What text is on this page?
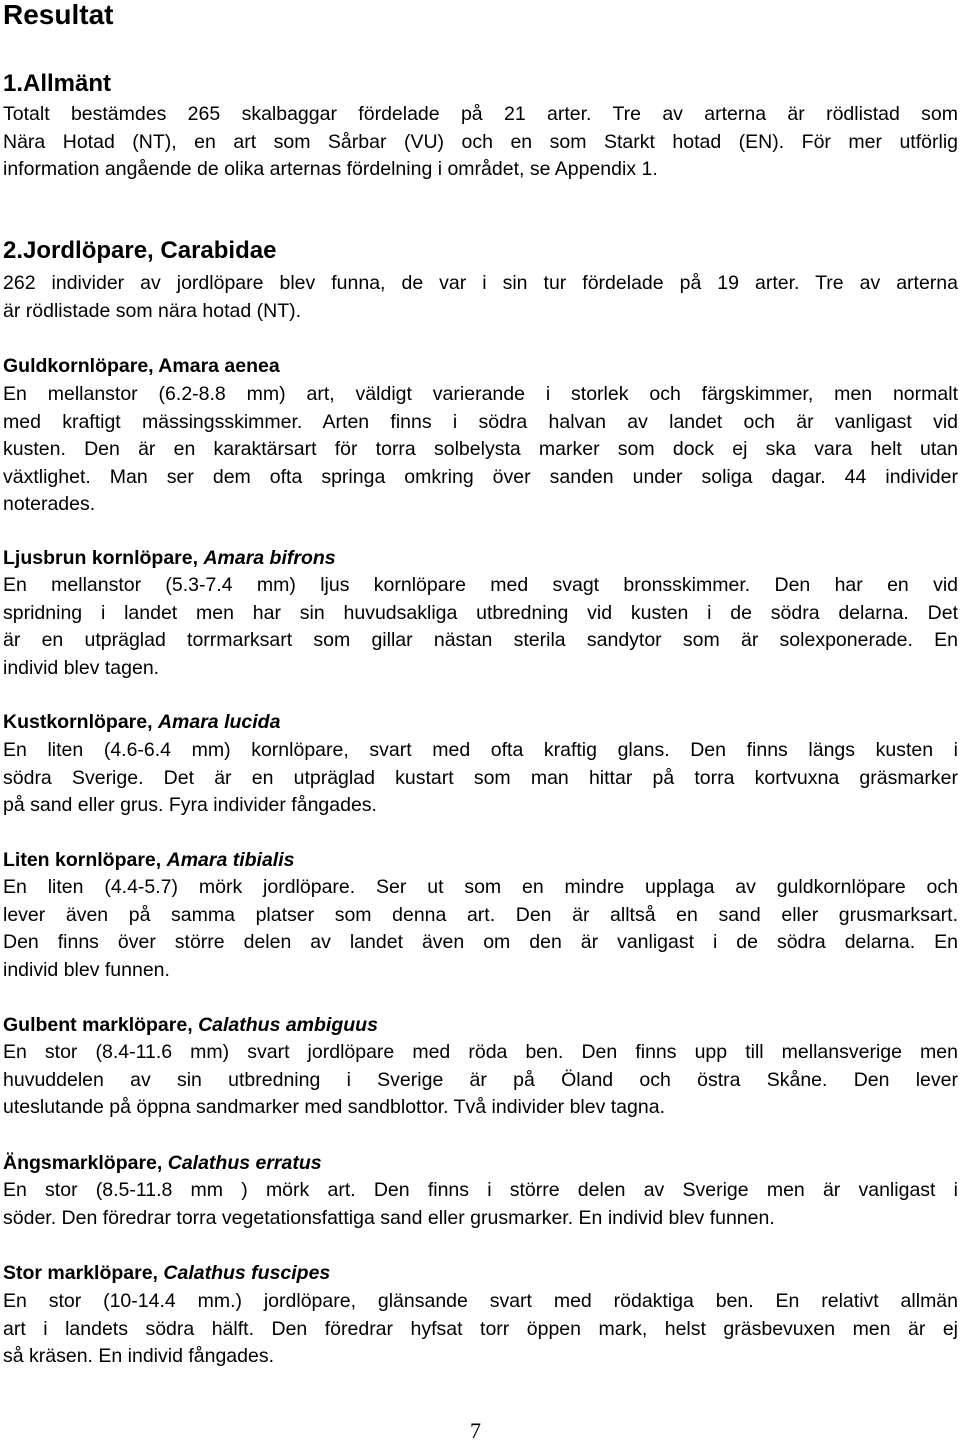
Resultat
1.Allmänt
Totalt bestämdes 265 skalbaggar fördelade på 21 arter. Tre av arterna är rödlistad som
Nära Hotad (NT), en art som Sårbar (VU) och en som Starkt hotad (EN). För mer utförlig
information angående de olika arternas fördelning i området, se Appendix 1.
2.Jordlöpare, Carabidae
262 individer av jordlöpare blev funna, de var i sin tur fördelade på 19 arter. Tre av arterna
är rödlistade som nära hotad (NT).
Guldkornlöpare, Amara aenea
En mellanstor (6.2-8.8 mm) art, väldigt varierande i storlek och färgskimmer, men normalt
med kraftigt mässingsskimmer. Arten finns i södra halvan av landet och är vanligast vid
kusten. Den är en karaktärsart för torra solbelysta marker som dock ej ska vara helt utan
växtlighet. Man ser dem ofta springa omkring över sanden under soliga dagar. 44 individer
noterades.
Ljusbrun kornlöpare, Amara bifrons
En mellanstor (5.3-7.4 mm) ljus kornlöpare med svagt bronsskimmer. Den har en vid
spridning i landet men har sin huvudsakliga utbredning vid kusten i de södra delarna. Det
är en utpräglad torrmarksart som gillar nästan sterila sandytor som är solexponerade. En
individ blev tagen.
Kustkornlöpare, Amara lucida
En liten (4.6-6.4 mm) kornlöpare, svart med ofta kraftig glans. Den finns längs kusten i
södra Sverige. Det är en utpräglad kustart som man hittar på torra kortvuxna gräsmarker
på sand eller grus. Fyra individer fångades.
Liten kornlöpare, Amara tibialis
En liten (4.4-5.7) mörk jordlöpare. Ser ut som en mindre upplaga av guldkornlöpare och
lever även på samma platser som denna art. Den är alltså en sand eller grusmarksart.
Den finns över större delen av landet även om den är vanligast i de södra delarna. En
individ blev funnen.
Gulbent marklöpare, Calathus ambiguus
En stor (8.4-11.6 mm) svart jordlöpare med röda ben. Den finns upp till mellansverige men
huvuddelen av sin utbredning i Sverige är på Öland och östra Skåne. Den lever
uteslutande på öppna sandmarker med sandblottor. Två individer blev tagna.
Ängsmarklöpare, Calathus erratus
En stor (8.5-11.8 mm ) mörk art. Den finns i större delen av Sverige men är vanligast i
söder. Den föredrar torra vegetationsfattiga sand eller grusmarker. En individ blev funnen.
Stor marklöpare, Calathus fuscipes
En stor (10-14.4 mm.) jordlöpare, glänsande svart med rödaktiga ben. En relativt allmän
art i landets södra hälft. Den föredrar hyfsat torr öppen mark, helst gräsbevuxen men är ej
så kräsen. En individ fångades.
7
